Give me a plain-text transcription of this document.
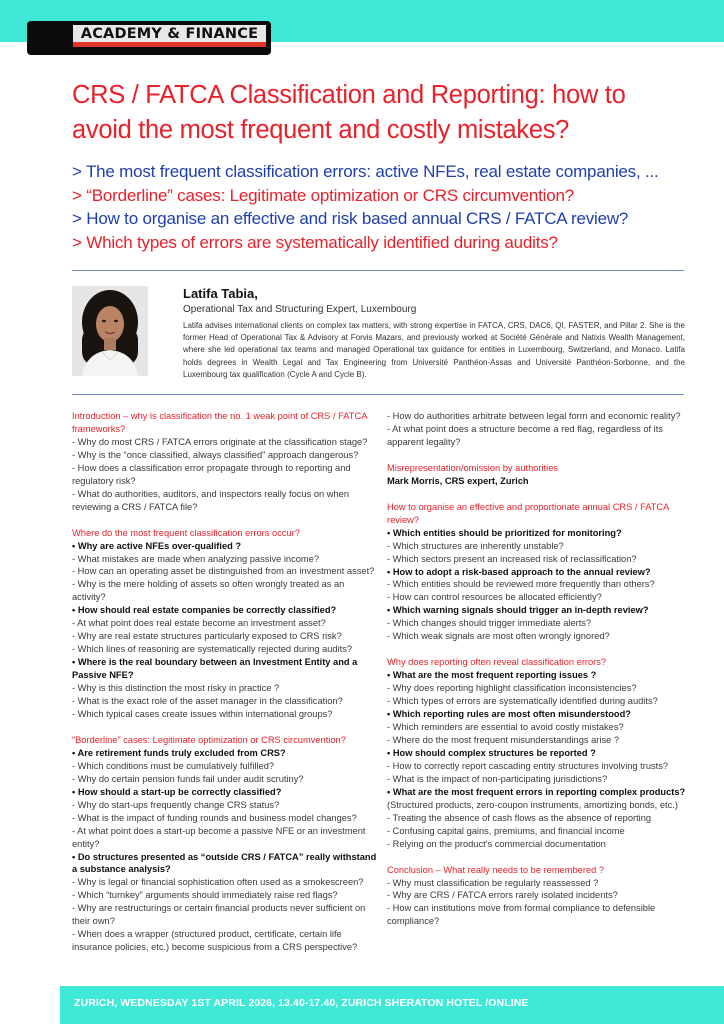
ACADEMY & FINANCE
CRS / FATCA Classification and Reporting: how to
avoid the most frequent and costly mistakes?
> The most frequent classification errors: active NFEs, real estate companies, ...
> “Borderline” cases: Legitimate optimization or CRS circumvention?
> How to organise an effective and risk based annual CRS / FATCA review?
> Which types of errors are systematically identified during audits?
Latifa Tabia,
Operational Tax and Structuring Expert, Luxembourg
Latifa advises international clients on complex tax matters, with strong expertise in FATCA, CRS, DAC6, QI, FASTER, and Pillar 2. She is the former Head of Operational Tax & Advisory at Forvis Mazars, and previously worked at Société Générale and Natixis Wealth Management, where she led operational tax teams and managed Operational tax guidance for entities in Luxembourg, Switzerland, and Monaco. Latifa holds degrees in Wealth Legal and Tax Engineering from Université Panthéon-Assas and Université Panthéon-Sorbonne, and the Luxembourg tax qualification (Cycle A and Cycle B).
Introduction – why is classification the no. 1 weak point of CRS / FATCA frameworks?
- Why do most CRS / FATCA errors originate at the classification stage?
- Why is the “once classified, always classified” approach dangerous?
- How does a classification error propagate through to reporting and regulatory risk?
- What do authorities, auditors, and inspectors really focus on when reviewing a CRS / FATCA file?
Where do the most frequent classification errors occur?
• Why are active NFEs over-qualified ?
- What mistakes are made when analyzing passive income?
- How can an operating asset be distinguished from an investment asset?
- Why is the mere holding of assets so often wrongly treated as an activity?
• How should real estate companies be correctly classified?
- At what point does real estate become an investment asset?
- Why are real estate structures particularly exposed to CRS risk?
- Which lines of reasoning are systematically rejected during audits?
• Where is the real boundary between an Investment Entity and a Passive NFE?
- Why is this distinction the most risky in practice ?
- What is the exact role of the asset manager in the classification?
- Which typical cases create issues within international groups?
“Borderline” cases: Legitimate optimization or CRS circumvention?
• Are retirement funds truly excluded from CRS?
- Which conditions must be cumulatively fulfilled?
- Why do certain pension funds fail under audit scrutiny?
• How should a start-up be correctly classified?
- Why do start-ups frequently change CRS status?
- What is the impact of funding rounds and business model changes?
- At what point does a start-up become a passive NFE or an investment entity?
• Do structures presented as “outside CRS / FATCA” really withstand a substance analysis?
- Why is legal or financial sophistication often used as a smokescreen?
- Which “turnkey” arguments should immediately raise red flags?
- Why are restructurings or certain financial products never sufficient on their own?
- When does a wrapper (structured product, certificate, certain life insurance policies, etc.) become suspicious from a CRS perspective?
- How do authorities arbitrate between legal form and economic reality?
- At what point does a structure become a red flag, regardless of its apparent legality?
Misrepresentation/omission by authorities
Mark Morris, CRS expert, Zurich
How to organise an effective and proportionate annual CRS / FATCA review?
• Which entities should be prioritized for monitoring?
- Which structures are inherently unstable?
- Which sectors present an increased risk of reclassification?
• How to adopt a risk-based approach to the annual review?
- Which entities should be reviewed more frequently than others?
- How can control resources be allocated efficiently?
• Which warning signals should trigger an in-depth review?
- Which changes should trigger immediate alerts?
- Which weak signals are most often wrongly ignored?
Why does reporting often reveal classification errors?
• What are the most frequent reporting issues ?
- Why does reporting highlight classification inconsistencies?
- Which types of errors are systematically identified during audits?
• Which reporting rules are most often misunderstood?
- Which reminders are essential to avoid costly mistakes?
- Where do the most frequent misunderstandings arise ?
• How should complex structures be reported ?
- How to correctly report cascading entity structures involving trusts?
- What is the impact of non-participating jurisdictions?
• What are the most frequent errors in reporting complex products?
(Structured products, zero-coupon instruments, amortizing bonds, etc.)
- Treating the absence of cash flows as the absence of reporting
- Confusing capital gains, premiums, and financial income
- Relying on the product's commercial documentation
Conclusion – What really needs to be remembered ?
- Why must classification be regularly reassessed ?
- Why are CRS / FATCA errors rarely isolated incidents?
- How can institutions move from formal compliance to defensible compliance?
ZURICH, WEDNESDAY 1ST APRIL 2026, 13.40-17.40, ZURICH SHERATON HOTEL /ONLINE
